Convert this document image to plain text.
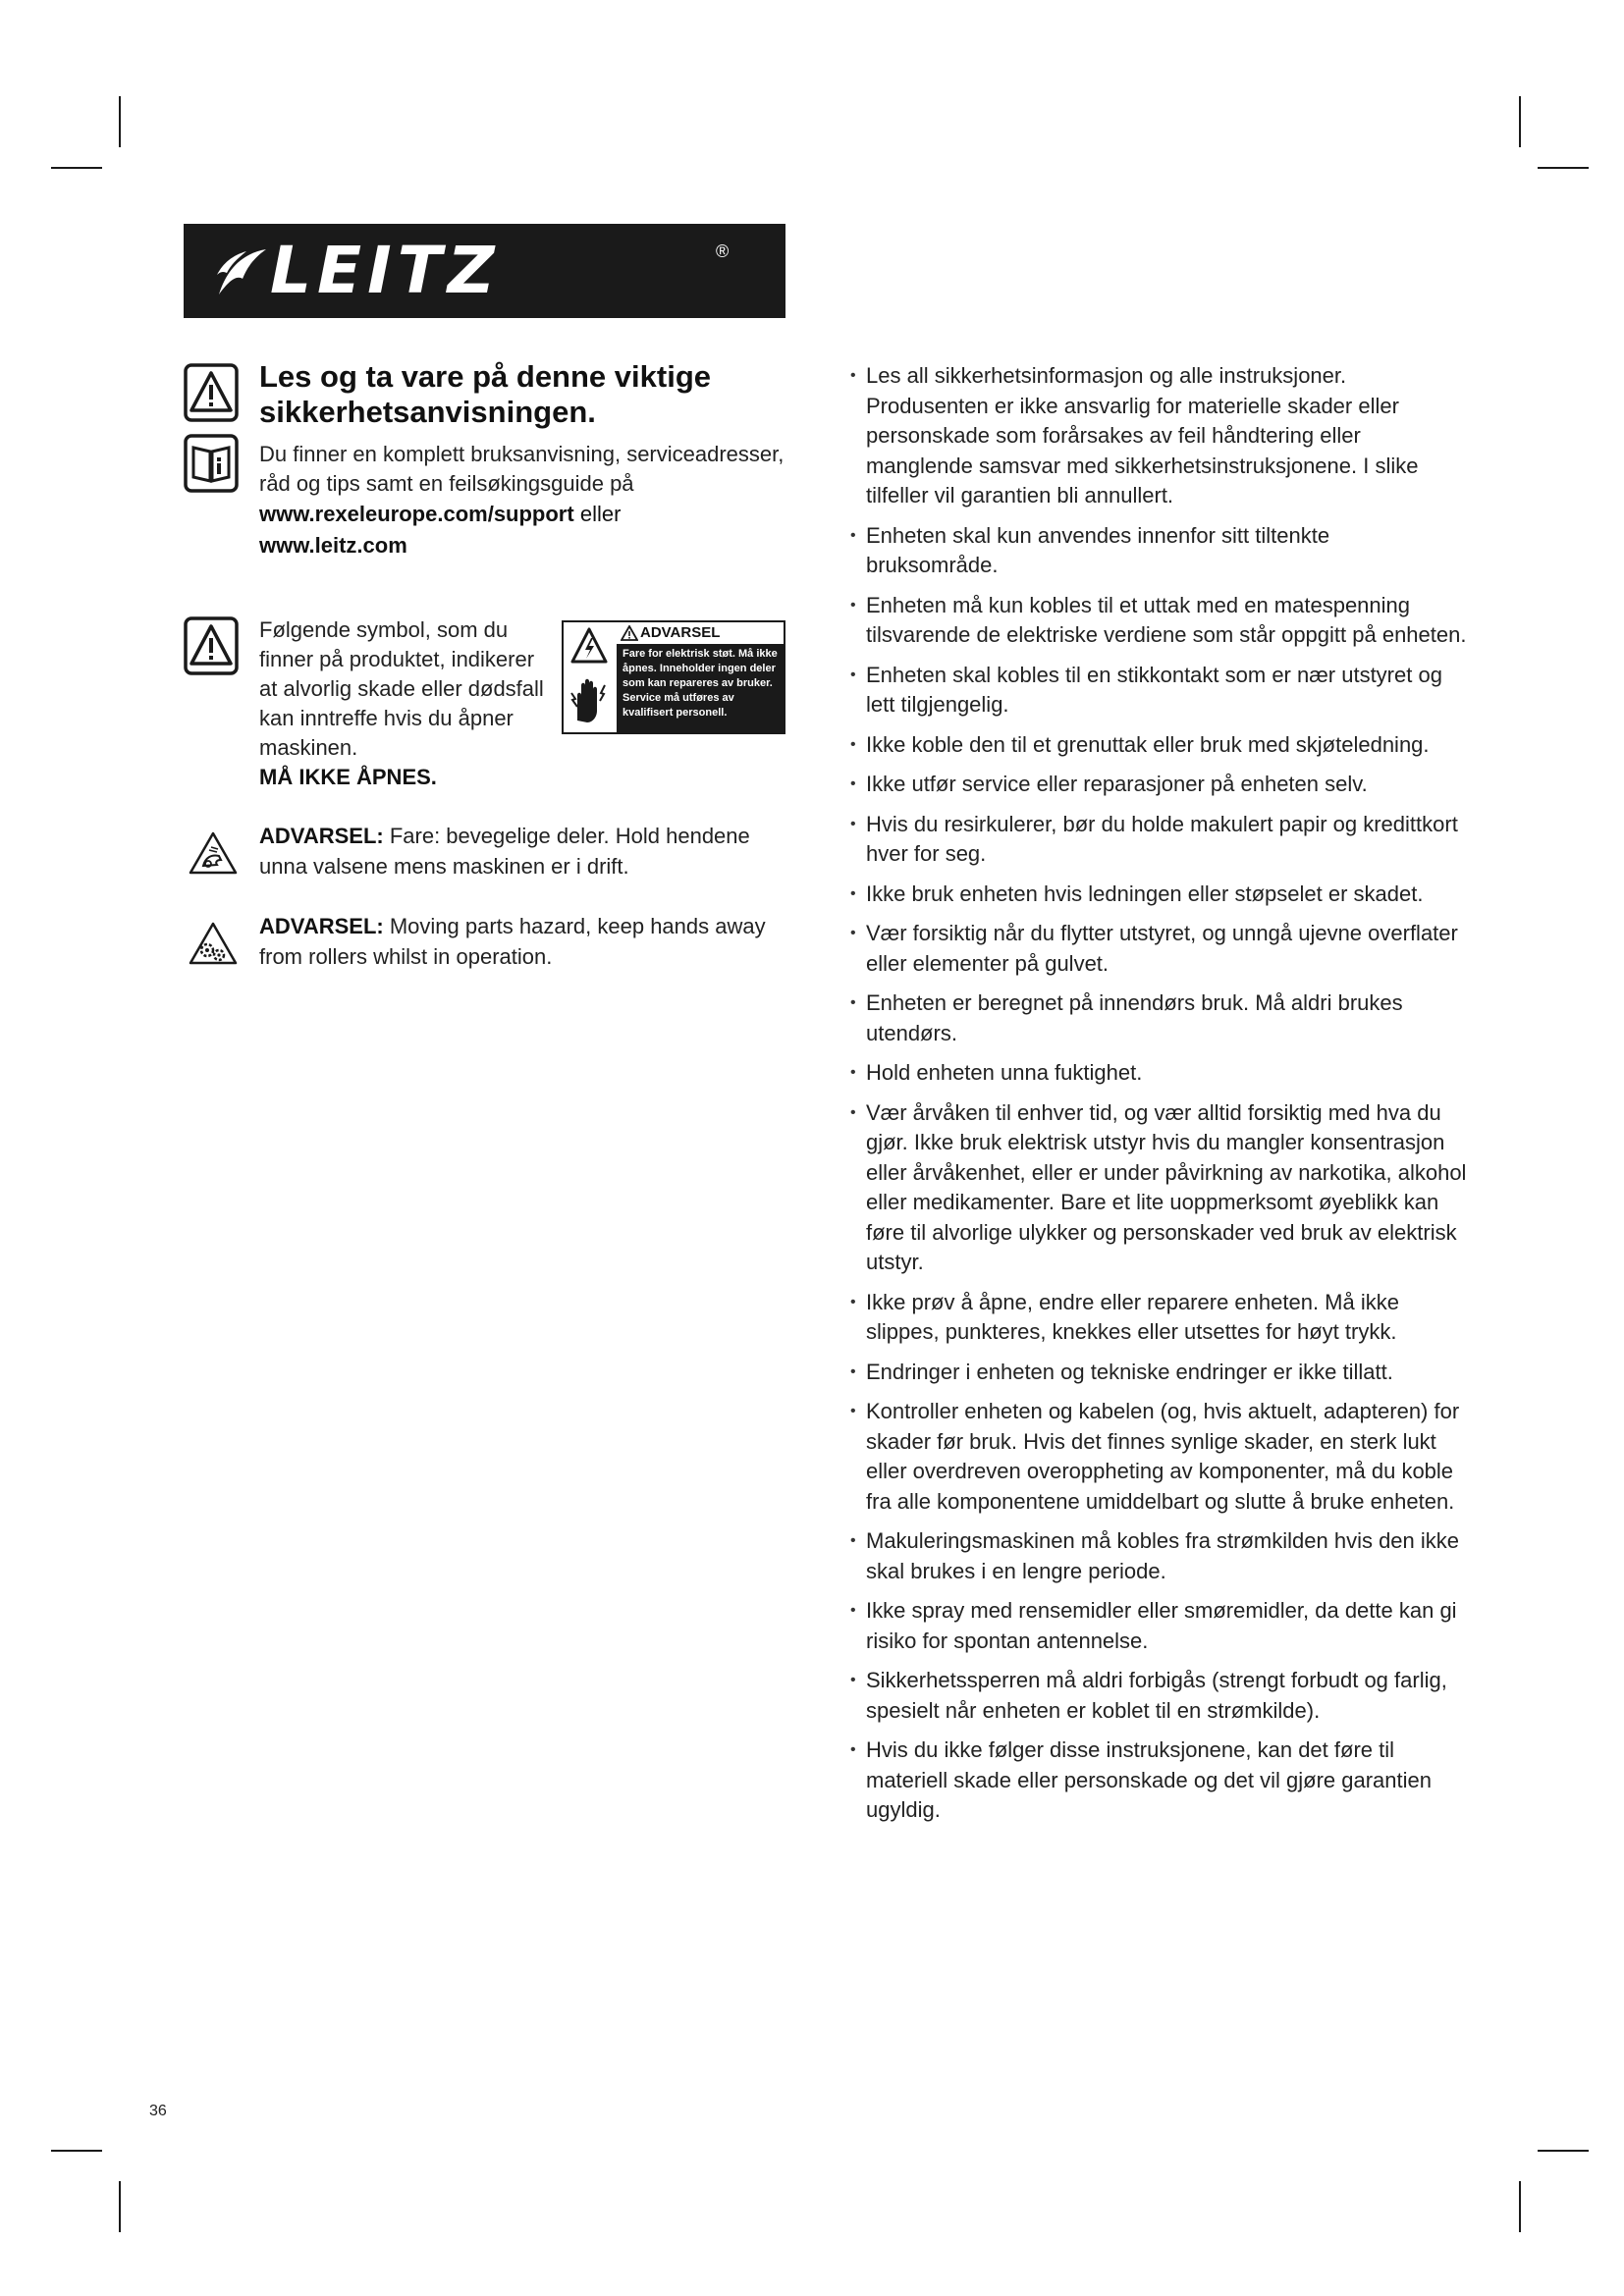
LEITZ	®
Les og ta vare på denne viktige sikkerhetsanvisningen.

Du finner en komplett bruksanvisning, serviceadresser, råd og tips samt en feilsøkingsguide på

www.rexeleurope.com/support eller
www.leitz.com
Følgende symbol, som du finner på produktet, indikerer at alvorlig skade eller dødsfall kan inntreffe hvis du åpner maskinen.
MÅ IKKE ÅPNES.
ADVARSEL
Fare for elektrisk støt. Må ikke åpnes. Inneholder ingen deler som kan repareres av bruker. Service må utføres av kvalifisert personell.
ADVARSEL: Fare: bevegelige deler. Hold hendene unna valsene mens maskinen er i drift.
ADVARSEL: Moving parts hazard, keep hands away from rollers whilst in operation.
• Les all sikkerhetsinformasjon og alle instruksjoner. Produsenten er ikke ansvarlig for materielle skader eller personskade som forårsakes av feil håndtering eller manglende samsvar med sikkerhetsinstruksjonene. I slike tilfeller vil garantien bli annullert.
• Enheten skal kun anvendes innenfor sitt tiltenkte bruksområde.
• Enheten må kun kobles til et uttak med en matespenning tilsvarende de elektriske verdiene som står oppgitt på enheten.
• Enheten skal kobles til en stikkontakt som er nær utstyret og lett tilgjengelig.
• Ikke koble den til et grenuttak eller bruk med skjøteledning.
• Ikke utfør service eller reparasjoner på enheten selv.
• Hvis du resirkulerer, bør du holde makulert papir og kredittkort hver for seg.
• Ikke bruk enheten hvis ledningen eller støpselet er skadet.
• Vær forsiktig når du flytter utstyret, og unngå ujevne overflater eller elementer på gulvet.
• Enheten er beregnet på innendørs bruk. Må aldri brukes utendørs.
• Hold enheten unna fuktighet.
• Vær årvåken til enhver tid, og vær alltid forsiktig med hva du gjør. Ikke bruk elektrisk utstyr hvis du mangler konsentrasjon eller årvåkenhet, eller er under påvirkning av narkotika, alkohol eller medikamenter. Bare et lite uoppmerksomt øyeblikk kan føre til alvorlige ulykker og personskader ved bruk av elektrisk utstyr.
• Ikke prøv å åpne, endre eller reparere enheten. Må ikke slippes, punkteres, knekkes eller utsettes for høyt trykk.
• Endringer i enheten og tekniske endringer er ikke tillatt.
• Kontroller enheten og kabelen (og, hvis aktuelt, adapteren) for skader før bruk. Hvis det finnes synlige skader, en sterk lukt eller overdreven overoppheting av komponenter, må du koble fra alle komponentene umiddelbart og slutte å bruke enheten.
• Makuleringsmaskinen må kobles fra strømkilden hvis den ikke skal brukes i en lengre periode.
• Ikke spray med rensemidler eller smøremidler, da dette kan gi risiko for spontan antennelse.
• Sikkerhetssperren må aldri forbigås (strengt forbudt og farlig, spesielt når enheten er koblet til en strømkilde).
• Hvis du ikke følger disse instruksjonene, kan det føre til materiell skade eller personskade og det vil gjøre garantien ugyldig.
36
